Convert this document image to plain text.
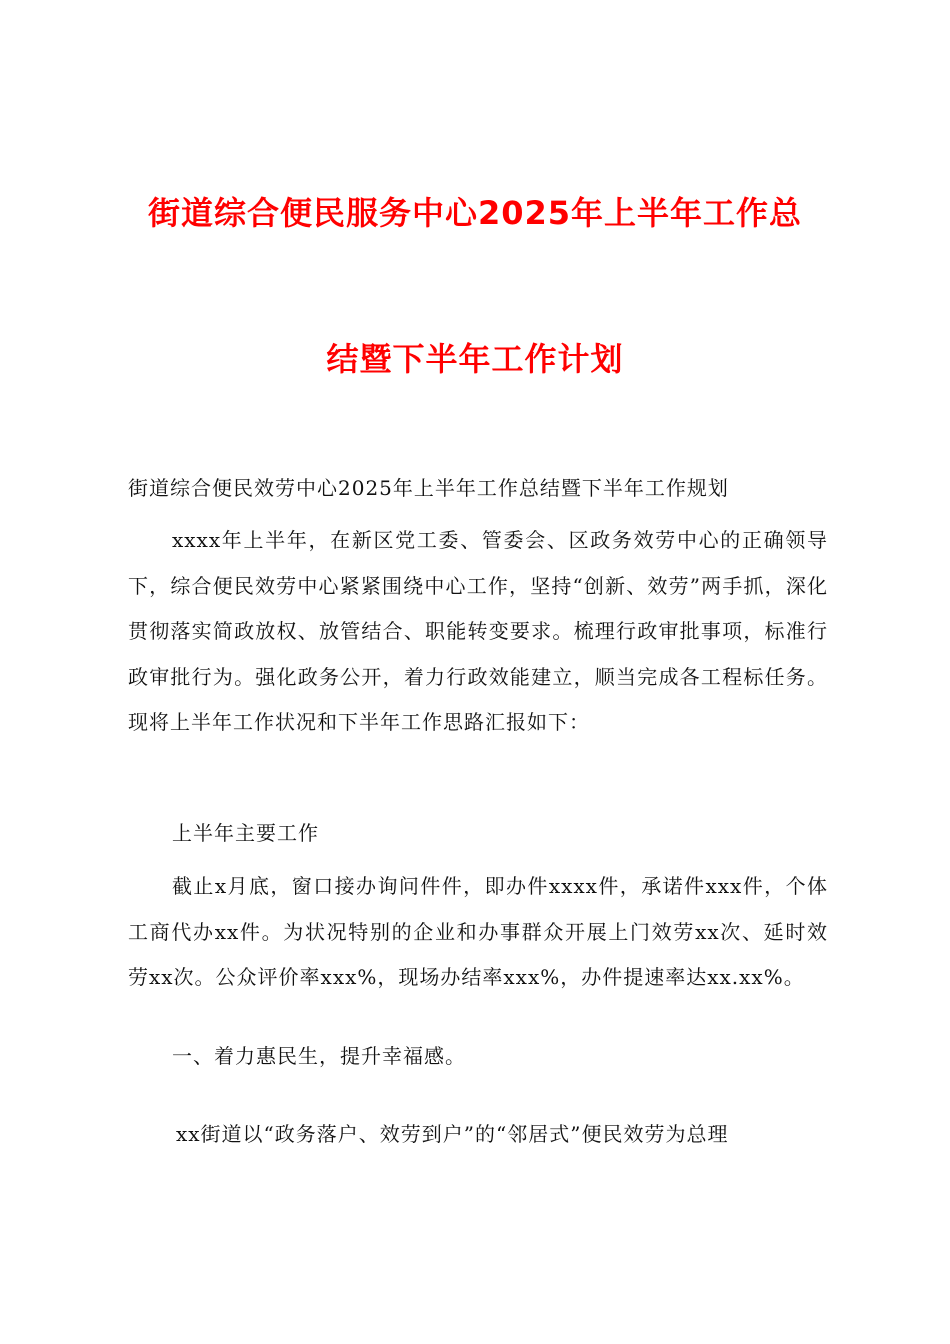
街道综合便民服务中心2025年上半年工作总
结暨下半年工作计划

街道综合便民效劳中心2025年上半年工作总结暨下半年工作规划

xxxx年上半年，在新区党工委、管委会、区政务效劳中心的正确领导下，综合便民效劳中心紧紧围绕中心工作，坚持“创新、效劳”两手抓，深化贯彻落实简政放权、放管结合、职能转变要求。梳理行政审批事项，标准行政审批行为。强化政务公开，着力行政效能建立，顺当完成各工程标任务。现将上半年工作状况和下半年工作思路汇报如下：

上半年主要工作

截止x月底，窗口接办询问件件，即办件xxxx件，承诺件xxx件，个体工商代办xx件。为状况特别的企业和办事群众开展上门效劳xx次、延时效劳xx次。公众评价率xxx%，现场办结率xxx%，办件提速率达xx.xx%。

一、着力惠民生，提升幸福感。

xx街道以“政务落户、效劳到户”的“邻居式”便民效劳为总理
